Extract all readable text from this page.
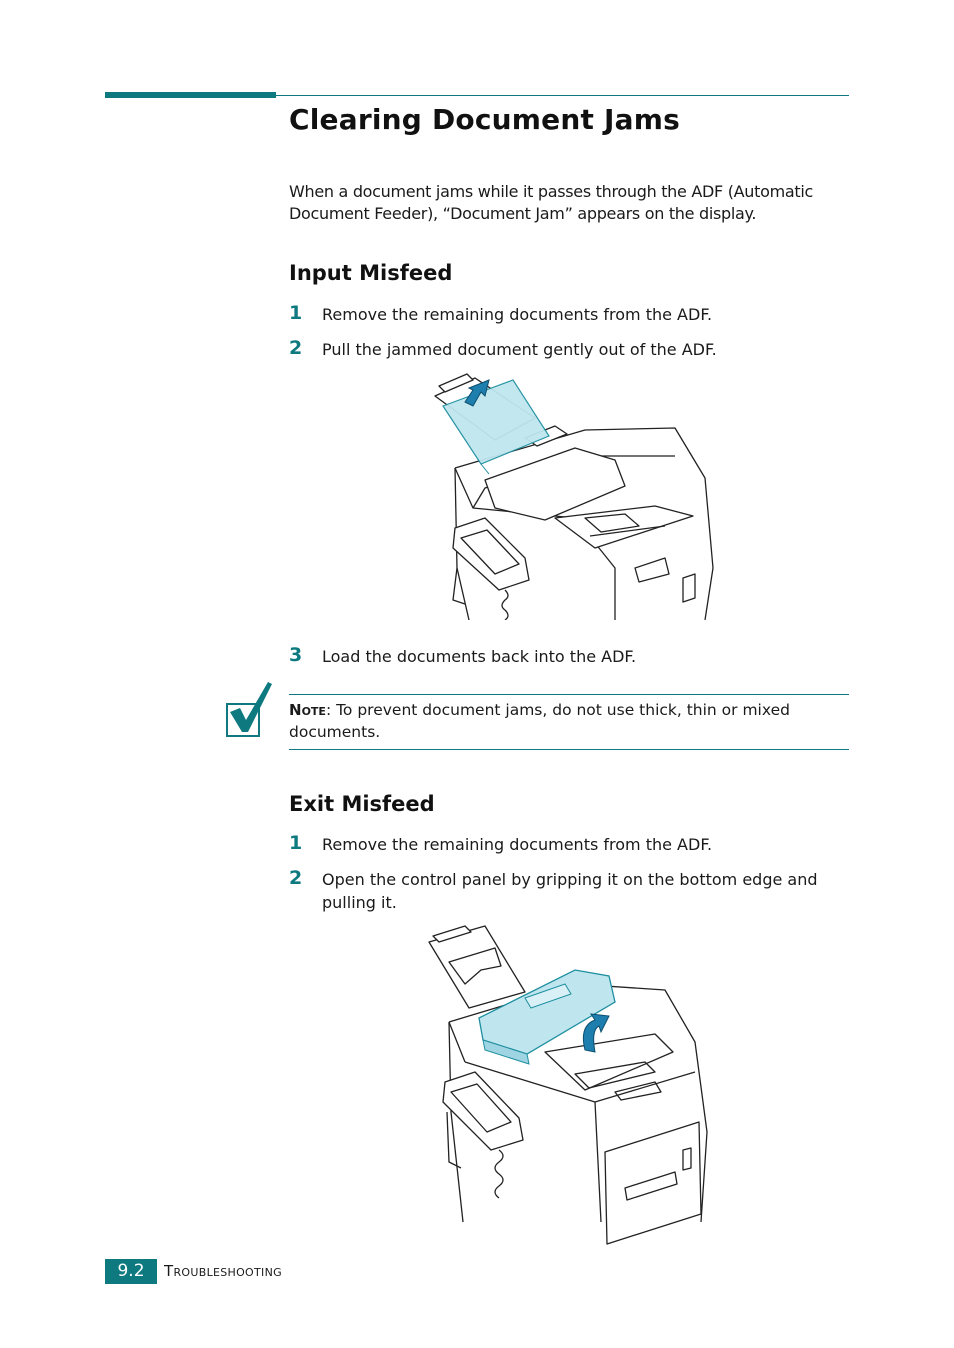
Clearing Document Jams
When a document jams while it passes through the ADF (Automatic Document Feeder), “Document Jam” appears on the display.
Input Misfeed
1 Remove the remaining documents from the ADF.
2 Pull the jammed document gently out of the ADF.
3 Load the documents back into the ADF.
NOTE: To prevent document jams, do not use thick, thin or mixed documents.
Exit Misfeed
1 Remove the remaining documents from the ADF.
2 Open the control panel by gripping it on the bottom edge and pulling it.
9.2	TROUBLESHOOTING
